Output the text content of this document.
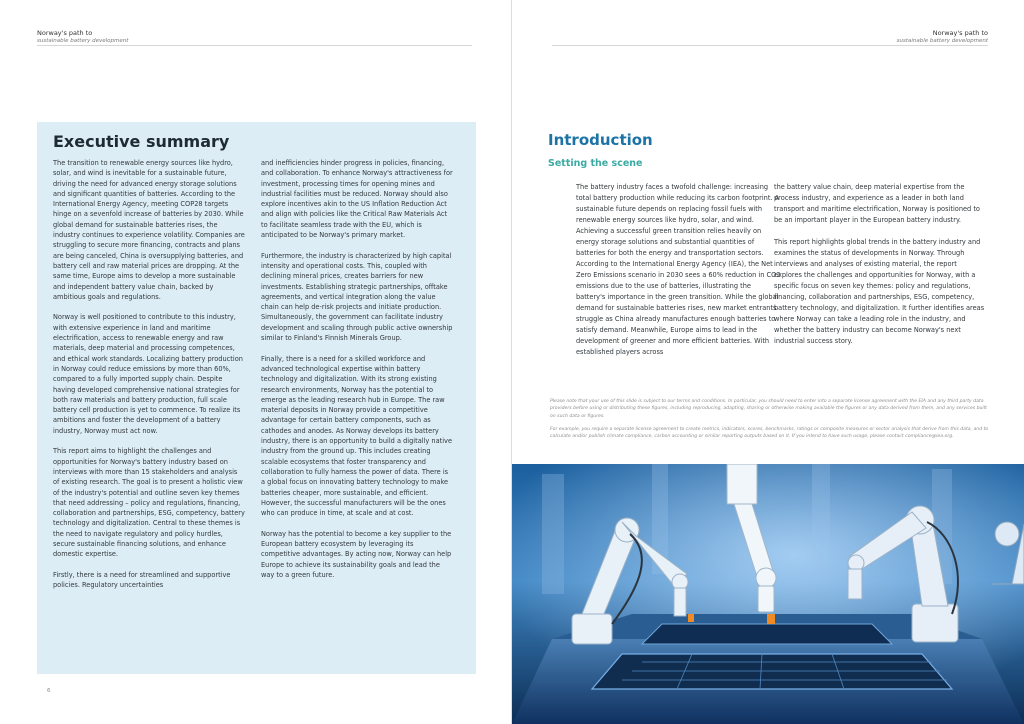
Norway's path to
sustainable battery development
Executive summary

The transition to renewable energy sources like hydro, solar, and wind is inevitable for a sustainable future, driving the need for advanced energy storage solutions and significant quantities of batteries. According to the International Energy Agency, meeting COP28 targets hinge on a sevenfold increase of batteries by 2030. While global demand for sustainable batteries rises, the industry continues to experience volatility. Companies are struggling to secure more financing, contracts and plans are being canceled, China is oversupplying batteries, and battery cell and raw material prices are dropping. At the same time, Europe aims to develop a more sustainable and independent battery value chain, backed by ambitious goals and regulations.

Norway is well positioned to contribute to this industry, with extensive experience in land and maritime electrification, access to renewable energy and raw materials, deep material and processing competences, and ethical work standards. Localizing battery production in Norway could reduce emissions by more than 60%, compared to a fully imported supply chain. Despite having developed comprehensive national strategies for both raw materials and battery production, full scale battery cell production is yet to commence. To realize its ambitions and foster the development of a battery industry, Norway must act now.

This report aims to highlight the challenges and opportunities for Norway's battery industry based on interviews with more than 15 stakeholders and analysis of existing research. The goal is to present a holistic view of the industry's potential and outline seven key themes that need addressing – policy and regulations, financing, collaboration and partnerships, ESG, competency, battery technology and digitalization. Central to these themes is the need to navigate regulatory and policy hurdles, secure sustainable financing solutions, and enhance domestic expertise.

Firstly, there is a need for streamlined and supportive policies. Regulatory uncertainties

and inefficiencies hinder progress in policies, financing, and collaboration. To enhance Norway's attractiveness for investment, processing times for opening mines and industrial facilities must be reduced. Norway should also explore incentives akin to the US Inflation Reduction Act and align with policies like the Critical Raw Materials Act to facilitate seamless trade with the EU, which is anticipated to be Norway's primary market.

Furthermore, the industry is characterized by high capital intensity and operational costs. This, coupled with declining mineral prices, creates barriers for new investments. Establishing strategic partnerships, offtake agreements, and vertical integration along the value chain can help de-risk projects and initiate production. Simultaneously, the government can facilitate industry development and scaling through public active ownership similar to Finland's Finnish Minerals Group.

Finally, there is a need for a skilled workforce and advanced technological expertise within battery technology and digitalization. With its strong existing research environments, Norway has the potential to emerge as the leading research hub in Europe. The raw material deposits in Norway provide a competitive advantage for certain battery components, such as cathodes and anodes. As Norway develops its battery industry, there is an opportunity to build a digitally native industry from the ground up. This includes creating scalable ecosystems that foster transparency and collaboration to fully harness the power of data. There is a global focus on innovating battery technology to make batteries cheaper, more sustainable, and efficient. However, the successful manufacturers will be the ones who can produce in time, at scale and at cost.

Norway has the potential to become a key supplier to the European battery ecosystem by leveraging its competitive advantages. By acting now, Norway can help Europe to achieve its sustainability goals and lead the way to a green future.

6
Norway's path to
sustainable battery development
Introduction
Setting the scene

The battery industry faces a twofold challenge: increasing total battery production while reducing its carbon footprint. A sustainable future depends on replacing fossil fuels with renewable energy sources like hydro, solar, and wind. Achieving a successful green transition relies heavily on energy storage solutions and substantial quantities of batteries for both the energy and transportation sectors. According to the International Energy Agency (IEA), the Net Zero Emissions scenario in 2030 sees a 60% reduction in CO2 emissions due to the use of batteries, illustrating the battery's importance in the green transition. While the global demand for sustainable batteries rises, new market entrants struggle as China already manufactures enough batteries to satisfy demand. Meanwhile, Europe aims to lead in the development of greener and more efficient batteries. With established players across

the battery value chain, deep material expertise from the process industry, and experience as a leader in both land transport and maritime electrification, Norway is positioned to be an important player in the European battery industry.

This report highlights global trends in the battery industry and examines the status of developments in Norway. Through interviews and analyses of existing material, the report explores the challenges and opportunities for Norway, with a specific focus on seven key themes: policy and regulations, financing, collaboration and partnerships, ESG, competency, battery technology, and digitalization. It further identifies areas where Norway can take a leading role in the industry, and whether the battery industry can become Norway's next industrial success story.

Please note that your use of this slide is subject to our terms and conditions. In particular, you should need to enter into a separate license agreement with the EIA and any third party data providers before using or distributing these figures, including reproducing, adapting, sharing or otherwise making available the figures or any data derived from them, and any services built on such data or figures.
For example, you require a separate license agreement to create metrics, indicators, scores, benchmarks, ratings or composite measures or sector analysis that derive from this data, and to calculate and/or publish climate compliance, carbon accounting or similar reporting outputs based on it. If you intend to have such usage, please contact compliance@iea.org.
